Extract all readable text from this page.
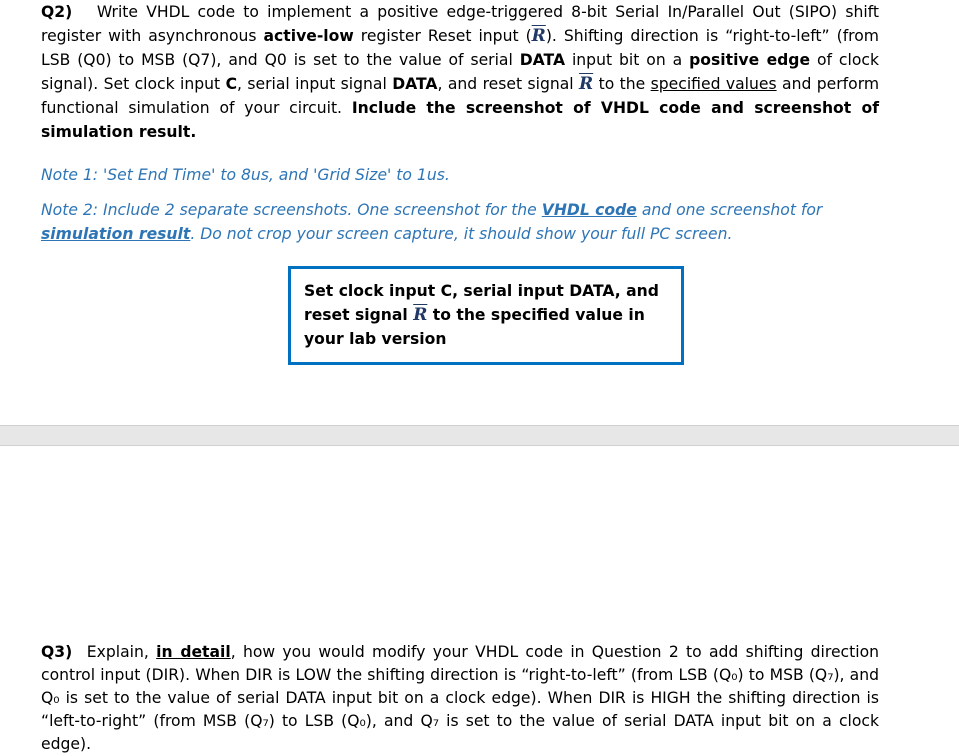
Q2) Write VHDL code to implement a positive edge-triggered 8-bit Serial In/Parallel Out (SIPO) shift register with asynchronous active-low register Reset input $(\overline{R})$. Shifting direction is “right-to-left” (from LSB (Q0) to MSB (Q7), and Q0 is set to the value of serial DATA input bit on a positive edge of clock signal). Set clock input C, serial input signal DATA, and reset signal $\overline{R}$ to the specified values and perform functional simulation of your circuit. Include the screenshot of VHDL code and screenshot of simulation result.

Note 1: 'Set End Time' to 8us, and 'Grid Size' to 1us.

Note 2: Include 2 separate screenshots. One screenshot for the VHDL code and one screenshot for simulation result. Do not crop your screen capture, it should show your full PC screen.

Set clock input C, serial input DATA, and reset signal $\overline{R}$ to the specified value in your lab version

Q3)  Explain, in detail, how you would modify your VHDL code in Question 2 to add shifting direction control input (DIR). When DIR is LOW the shifting direction is “right-to-left” (from LSB (Q₀) to MSB (Q₇), and Q₀ is set to the value of serial DATA input bit on a clock edge). When DIR is HIGH the shifting direction is “left-to-right” (from MSB (Q₇) to LSB (Q₀), and Q₇ is set to the value of serial DATA input bit on a clock edge).
